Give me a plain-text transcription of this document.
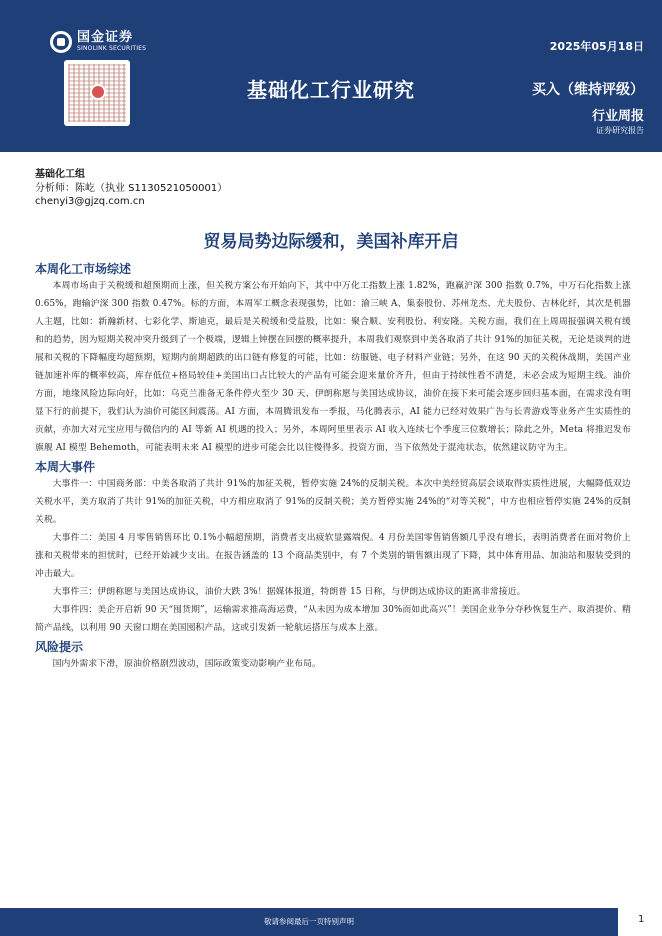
国金证券
SINOLINK SECURITIES	2025年05月18日
基础化工行业研究	买入（维持评级）
行业周报
证券研究报告
基础化工组
分析师：陈屹（执业 S1130521050001）
chenyi3@gjzq.com.cn
贸易局势边际缓和，美国补库开启
本周化工市场综述

本周市场由于关税缓和超预期而上涨，但关税方案公布开始向下，其中中万化工指数上涨 1.82%，跑赢沪深 300 指数 0.7%，中万石化指数上涨 0.65%，跑输沪深 300 指数 0.47%。标的方面，本周军工概念表现强势，比如：渝三峡 A、集泰股份、苏州龙杰、尤夫股份、吉林化纤，其次是机器人主题，比如：新瀚新材、七彩化学、斯迪克，最后是关税缓和受益股，比如：聚合顺、安利股份、利安隆。关税方面，我们在上周周报强调关税有缓和的趋势，因为短期关税冲突升级到了一个极端，逻辑上钟摆在回摆的概率提升，本周我们观察到中美各取消了共计 91%的加征关税，无论是谈判的进展和关税的下降幅度均超预期，短期内前期超跌的出口链有修复的可能，比如：纺服链、电子材料产业链；另外，在这 90 天的关税休战期，美国产业链加速补库的概率较高，库存低位+格局较佳+美国出口占比较大的产品有可能会迎来量价齐升，但由于持续性看不清楚，未必会成为短期主线。油价方面，地缘风险边际向好，比如：乌克兰准备无条件停火至少 30 天、伊朗称愿与美国达成协议，油价在接下来可能会逐步回归基本面，在需求没有明显下行的前提下，我们认为油价可能区间震荡。AI 方面，本周腾讯发布一季报，马化腾表示，AI 能力已经对效果广告与长青游戏等业务产生实质性的贡献，亦加大对元宝应用与微信内的 AI 等新 AI 机遇的投入；另外，本周阿里里表示 AI 收入连续七个季度三位数增长；除此之外，Meta 将推迟发布旗舰 AI 模型 Behemoth，可能表明未来 AI 模型的进步可能会比以往慢得多。投资方面，当下依然处于混沌状态，依然建议防守为主。

本周大事件

大事件一：中国商务部：中美各取消了共计 91%的加征关税，暂停实施 24%的反制关税。本次中美经贸高层会谈取得实质性进展，大幅降低双边关税水平，美方取消了共计 91%的加征关税，中方相应取消了 91%的反制关税；美方暂停实施 24%的“对等关税”，中方也相应暂停实施 24%的反制关税。

大事件二：美国 4 月零售销售环比 0.1%小幅超预期，消费者支出疲软显露端倪。4 月份美国零售销售额几乎没有增长，表明消费者在面对物价上涨和关税带来的担忧时，已经开始减少支出。在报告涵盖的 13 个商品类别中，有 7 个类别的销售额出现了下降，其中体育用品、加油站和服装受到的冲击最大。

大事件三：伊朗称愿与美国达成协议，油价大跌 3%！据媒体报道，特朗普 15 日称，与伊朗达成协议的距离非常接近。

大事件四：美企开启新 90 天“囤货期”，运输需求推高海运费，“从未因为成本增加 30%而如此高兴”！美国企业争分夺秒恢复生产、取消提价、精简产品线，以利用 90 天窗口期在美国囤积产品，这或引发新一轮航运搭压与成本上涨。

风险提示

国内外需求下滑，原油价格剧烈波动，国际政策变动影响产业布局。

敬请参阅最后一页特别声明	1
